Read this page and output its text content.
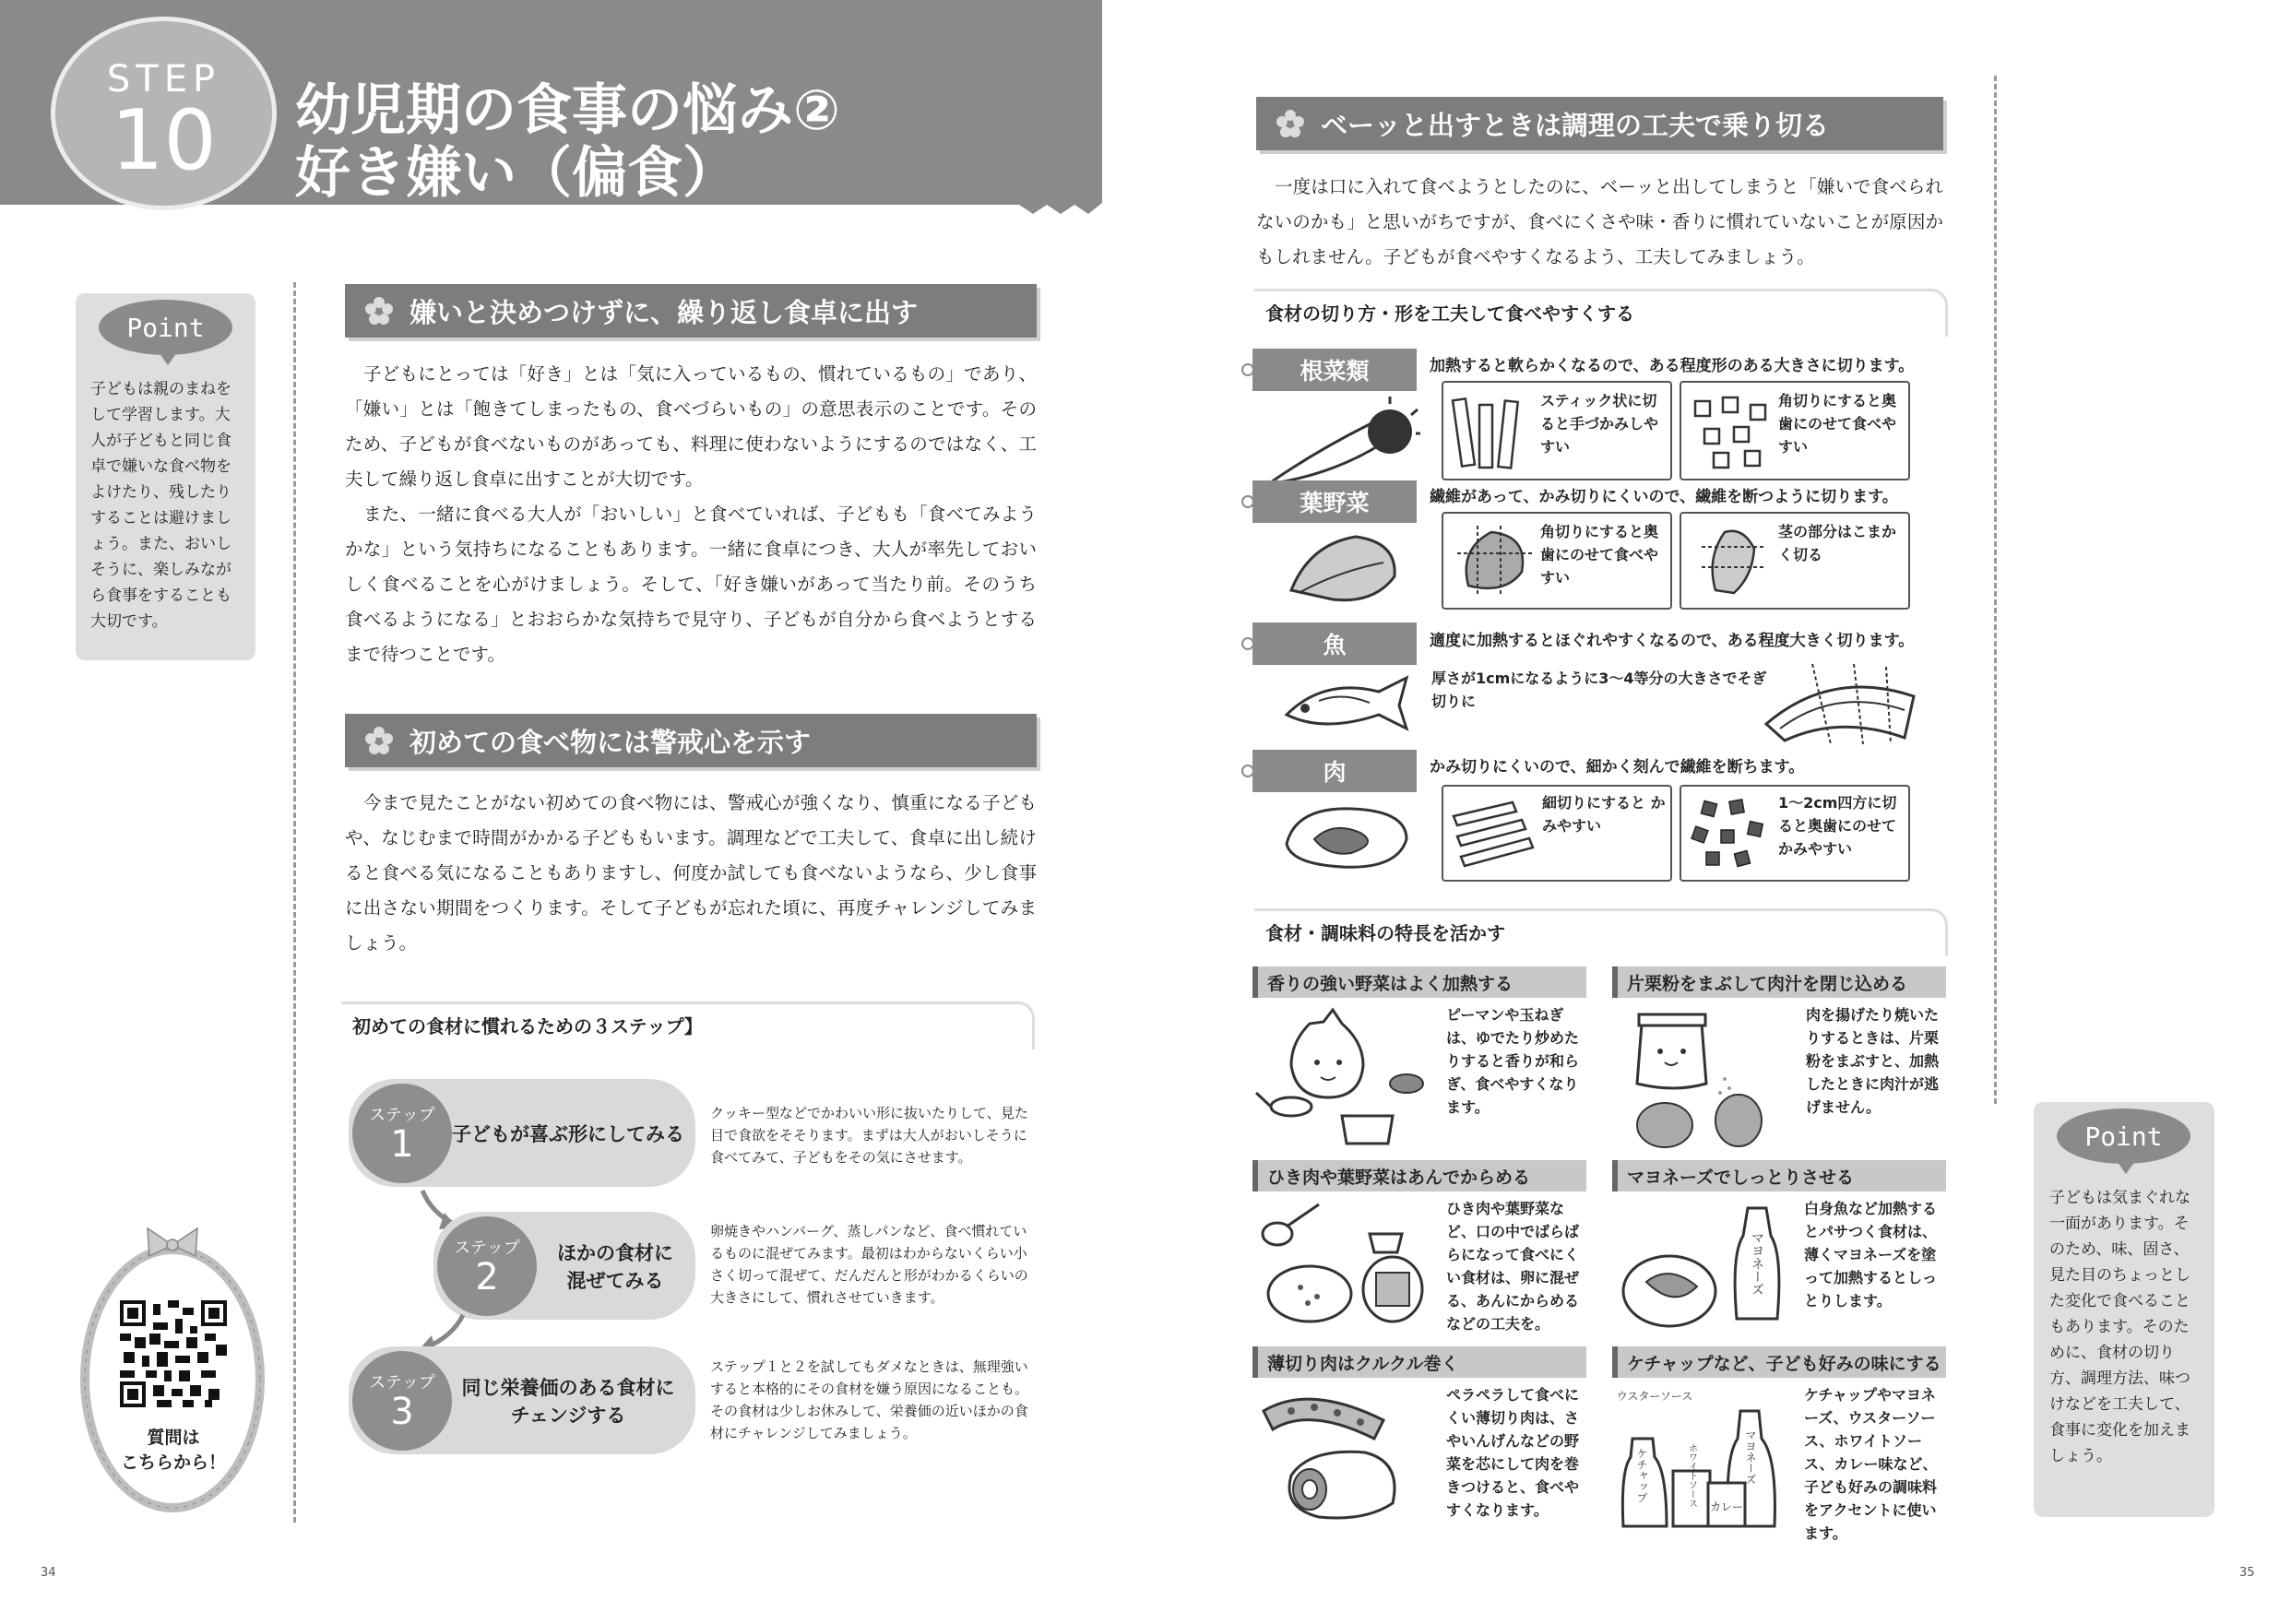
STEP
10	幼児期の食事の悩み②
好き嫌い（偏食）
Point
子どもは親のまねをして学習します。大人が子どもと同じ食卓で嫌いな食べ物をよけたり、残したりすることは避けましょう。また、おいしそうに、楽しみながら食事をすることも大切です。
嫌いと決めつけずに、繰り返し食卓に出す
子どもにとっては「好き」とは「気に入っているもの、慣れているもの」であり、「嫌い」とは「飽きてしまったもの、食べづらいもの」の意思表示のことです。そのため、子どもが食べないものがあっても、料理に使わないようにするのではなく、工夫して繰り返し食卓に出すことが大切です。
また、一緒に食べる大人が「おいしい」と食べていれば、子どもも「食べてみようかな」という気持ちになることもあります。一緒に食卓につき、大人が率先しておいしく食べることを心がけましょう。そして、「好き嫌いがあって当たり前。そのうち食べるようになる」とおおらかな気持ちで見守り、子どもが自分から食べようとするまで待つことです。
初めての食べ物には警戒心を示す
今まで見たことがない初めての食べ物には、警戒心が強くなり、慎重になる子どもや、なじむまで時間がかかる子どももいます。調理などで工夫して、食卓に出し続けると食べる気になることもありますし、何度か試しても食べないようなら、少し食事に出さない期間をつくります。そして子どもが忘れた頃に、再度チャレンジしてみましょう。
初めての食材に慣れるための３ステップ】
子どもが喜ぶ形にしてみる
ステップ
1
クッキー型などでかわいい形に抜いたりして、見た目で食欲をそそります。まずは大人がおいしそうに食べてみて、子どもをその気にさせます。
ほかの食材に
混ぜてみる
ステップ
2
卵焼きやハンバーグ、蒸しパンなど、食べ慣れているものに混ぜてみます。最初はわからないくらい小さく切って混ぜて、だんだんと形がわかるくらいの大きさにして、慣れさせていきます。
同じ栄養価のある食材に
チェンジする
ステップ
3
ステップ１と２を試してもダメなときは、無理強いすると本格的にその食材を嫌う原因になることも。その食材は少しお休みして、栄養価の近いほかの食材にチャレンジしてみましょう。
質問は
こちらから！
34
ベーッと出すときは調理の工夫で乗り切る
一度は口に入れて食べようとしたのに、ベーッと出してしまうと「嫌いで食べられないのかも」と思いがちですが、食べにくさや味・香りに慣れていないことが原因かもしれません。子どもが食べやすくなるよう、工夫してみましょう。
食材の切り方・形を工夫して食べやすくする
根菜類	加熱すると軟らかくなるので、ある程度形のある大きさに切ります。
スティック状に切ると手づかみしやすい
角切りにすると奥歯にのせて食べやすい
葉野菜	繊維があって、かみ切りにくいので、繊維を断つように切ります。
角切りにすると奥歯にのせて食べやすい
茎の部分はこまかく切る
魚	適度に加熱するとほぐれやすくなるので、ある程度大きく切ります。
厚さが1cmになるように3〜4等分の大きさでそぎ切りに
肉	かみ切りにくいので、細かく刻んで繊維を断ちます。
細切りにすると かみやすい
1〜2cm四方に切ると奥歯にのせてかみやすい
食材・調味料の特長を活かす
香りの強い野菜はよく加熱する
ピーマンや玉ねぎは、ゆでたり炒めたりすると香りが和らぎ、食べやすくなります。
片栗粉をまぶして肉汁を閉じ込める
肉を揚げたり焼いたりするときは、片栗粉をまぶすと、加熱したときに肉汁が逃げません。
ひき肉や葉野菜はあんでからめる
ひき肉や葉野菜など、口の中でばらばらになって食べにくい食材は、卵に混ぜる、あんにからめるなどの工夫を。
マヨネーズでしっとりさせる
マヨネーズ
白身魚など加熱するとパサつく食材は、薄くマヨネーズを塗って加熱するとしっとりします。
薄切り肉はクルクル巻く
ペラペラして食べにくい薄切り肉は、さやいんげんなどの野菜を芯にして肉を巻きつけると、食べやすくなります。
ケチャップなど、子ども好みの味にする
ウスターソース
ケチャップ	ホワイトソース カレー
マヨネーズ
ケチャップやマヨネーズ、ウスターソース、ホワイトソース、カレー味など、子ども好みの調味料をアクセントに使います。
Point
子どもは気まぐれな一面があります。そのため、味、固さ、見た目のちょっとした変化で食べることもあります。そのために、食材の切り方、調理方法、味つけなどを工夫して、食事に変化を加えましょう。
35
